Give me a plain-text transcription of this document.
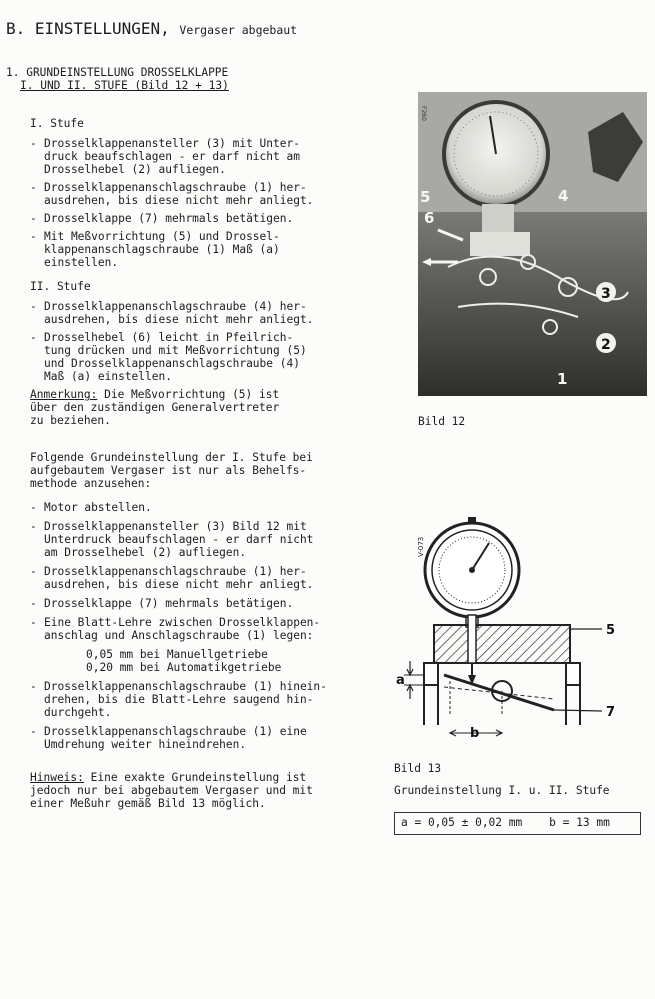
B. EINSTELLUNGEN, Vergaser abgebaut

1. GRUNDEINSTELLUNG DROSSELKLAPPE

I. UND II. STUFE (Bild 12 + 13)

I. Stufe

- Drosselklappenansteller (3) mit Unter-
druck beaufschlagen - er darf nicht am
Drosselhebel (2) aufliegen.

- Drosselklappenanschlagschraube (1) her-
ausdrehen, bis diese nicht mehr anliegt.

- Drosselklappe (7) mehrmals betätigen.

- Mit Meßvorrichtung (5) und Drossel-
klappenanschlagschraube (1) Maß (a)
einstellen.

II. Stufe

- Drosselklappenanschlagschraube (4) her-
ausdrehen, bis diese nicht mehr anliegt.

- Drosselhebel (6) leicht in Pfeilrich-
tung drücken und mit Meßvorrichtung (5)
und Drosselklappenanschlagschraube (4)
Maß (a) einstellen.

Anmerkung: Die Meßvorrichtung (5) ist

über den zuständigen Generalvertreter
zu beziehen.

Folgende Grundeinstellung der I. Stufe bei
aufgebautem Vergaser ist nur als Behelfs-
methode anzusehen:

- Motor abstellen.

- Drosselklappenansteller (3) Bild 12 mit
Unterdruck beaufschlagen - er darf nicht
am Drosselhebel (2) aufliegen.

- Drosselklappenanschlagschraube (1) her-
ausdrehen, bis diese nicht mehr anliegt.

- Drosselklappe (7) mehrmals betätigen.

- Eine Blatt-Lehre zwischen Drosselklappen-
anschlag und Anschlagschraube (1) legen:

0,05 mm bei Manuellgetriebe

0,20 mm bei Automatikgetriebe

- Drosselklappenanschlagschraube (1) hinein-
drehen, bis die Blatt-Lehre saugend hin-
durchgeht.

- Drosselklappenanschlagschraube (1) eine
Umdrehung weiter hineindrehen.

Hinweis: Eine exakte Grundeinstellung ist

jedoch nur bei abgebautem Vergaser und mit
einer Meßuhr gemäß Bild 13 möglich.

5
6
4
3
2
1
F260
Bild 12
V-073
a
b
5
7
Bild 13
Grundeinstellung I. u. II. Stufe
a = 0,05 ± 0,02 mm    b = 13 mm
